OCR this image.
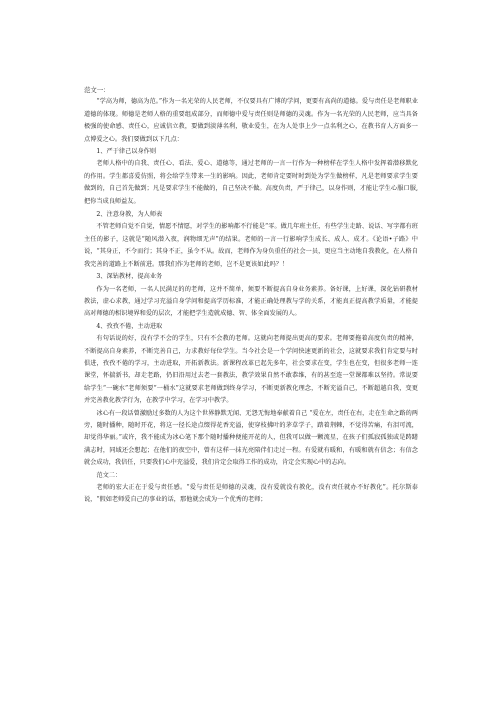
范文一：

“学高为师，德高为范。”作为一名光荣的人民老师，不仅要具有广博的学问，更要有高尚的道德。爱与责任是老师职业道德的体现。师德是老师人格的重要组成部分，而师德中爱与责任则是师德的灵魂。作为一名光荣的人民老师，应当具备极强的使命感、责任心，应诚信立教，要做到淡薄名利，敬业爱生，在为人处事上少一点名利之心，在教书育人方面多一点博爱之心。我们要做到以下几点：

1、严于律己以身作则

老师人格中的自我、责任心、看法、爱心、道德等，通过老师的一言一行作为一种榜样在学生人格中发挥着潜移默化的作用。学生都喜爱仿照，将会给学生带来一生的影响。因此，老师肯定要时时到处为学生做榜样，凡是老师要求学生要做到的，自己首先做到；凡是要求学生不能做的，自己坚决不做。高度负责，严于律己，以身作则，才能让学生心服口服,把你当成良师益友。

2、注意身教，为人师表

不管老师自觉不自觉，情愿不情愿，对学生的影响都不行能是“零。做几年班主任，有些学生走路、说话、写字都有班主任的影子，这就是“随风潜入夜，润物细无声”的结果。老师的一言一行影响学生成长、成人、成才。《论语•子路》中说，“其身正，不令而行；其身不正，虽令不从。故而，老师作为身负重任的社会一员，更应当主动地自我教化，在人格自我完善的道路上不断前进。那我们作为老师的老师，岂不是更该如此吗？！

3、深钻教材，提高业务

作为一名老师，一名人民满足的的老师，这并不简单，须要不断提高自身业务素养。备好课，上好课，深化钻研教材教法，虚心求教，通过学习充溢自身学问和提高学历标准，才能正确处理教与学的关系，才能真正提高教学质量，才能提高对师德的相识境界和爱的层次，才能把学生造就成德、智、体全面发展的人。

4、孜孜不倦，主动进取

有句话说的好，没有学不会的学生，只有不会教的老师。这就向老师提出更高的要求。老师要拖着高度负责的精神，不断提高自身素养，不断完善自己，力求教好每位学生。当今社会是一个学问快速更新的社会，这就要求我们肯定要与时俱进，孜孜不倦的学习，主动进取，开拓新教法。新课程改革已起先多年，社会要求在变，学生也在变，但很多老师一连课堂，怀揣新书，却走老路，仍旧沿用过去老一套教法，教学效果自然不敢恭维，有的甚至连一堂课都难以坚持。常说要给学生“一碗水”老师须要“一桶水”这就要求老师做到终身学习，不断更新教化理念，不断充溢自己，不断超越自我，变更并完善教化教学行为，在教学中学习，在学习中教学。

冰心有一段话曾激励过多数的人为这个世界静默无闻、无怨无悔地奉献着自己 “爱在左，责任在右，走在生命之路的两旁，随时播种，随时开花，将这一径长途点缀得花香充溢，使穿枝拂叶的茅草学子，踏着荆棘，不觉得苦痛，有泪可流，却觉得华丽。”或许，我不能成为冰心笔下那个随时播种便能开花的人，但我可以做一颗流星，在孩子们孤寂孤独或是踌躇满志时，同域还会想起；在他们的夜空中，曾有这样一抹光亮陪伴们走过一程。有爱就有暖和，有暖和就有信念；有信念就会成功，我信任，只要我们心中充溢爱，我们肯定会取得工作的成功，肯定会实现心中的志向。

范文二：

老师的宏大正在于爱与责任感。“爱与责任是师德的灵魂，没有爱就没有教化，没有责任就办不好教化”。托尔斯泰说，“假如老师爱自己的事业的话，那他就会成为一个优秀的老师；
